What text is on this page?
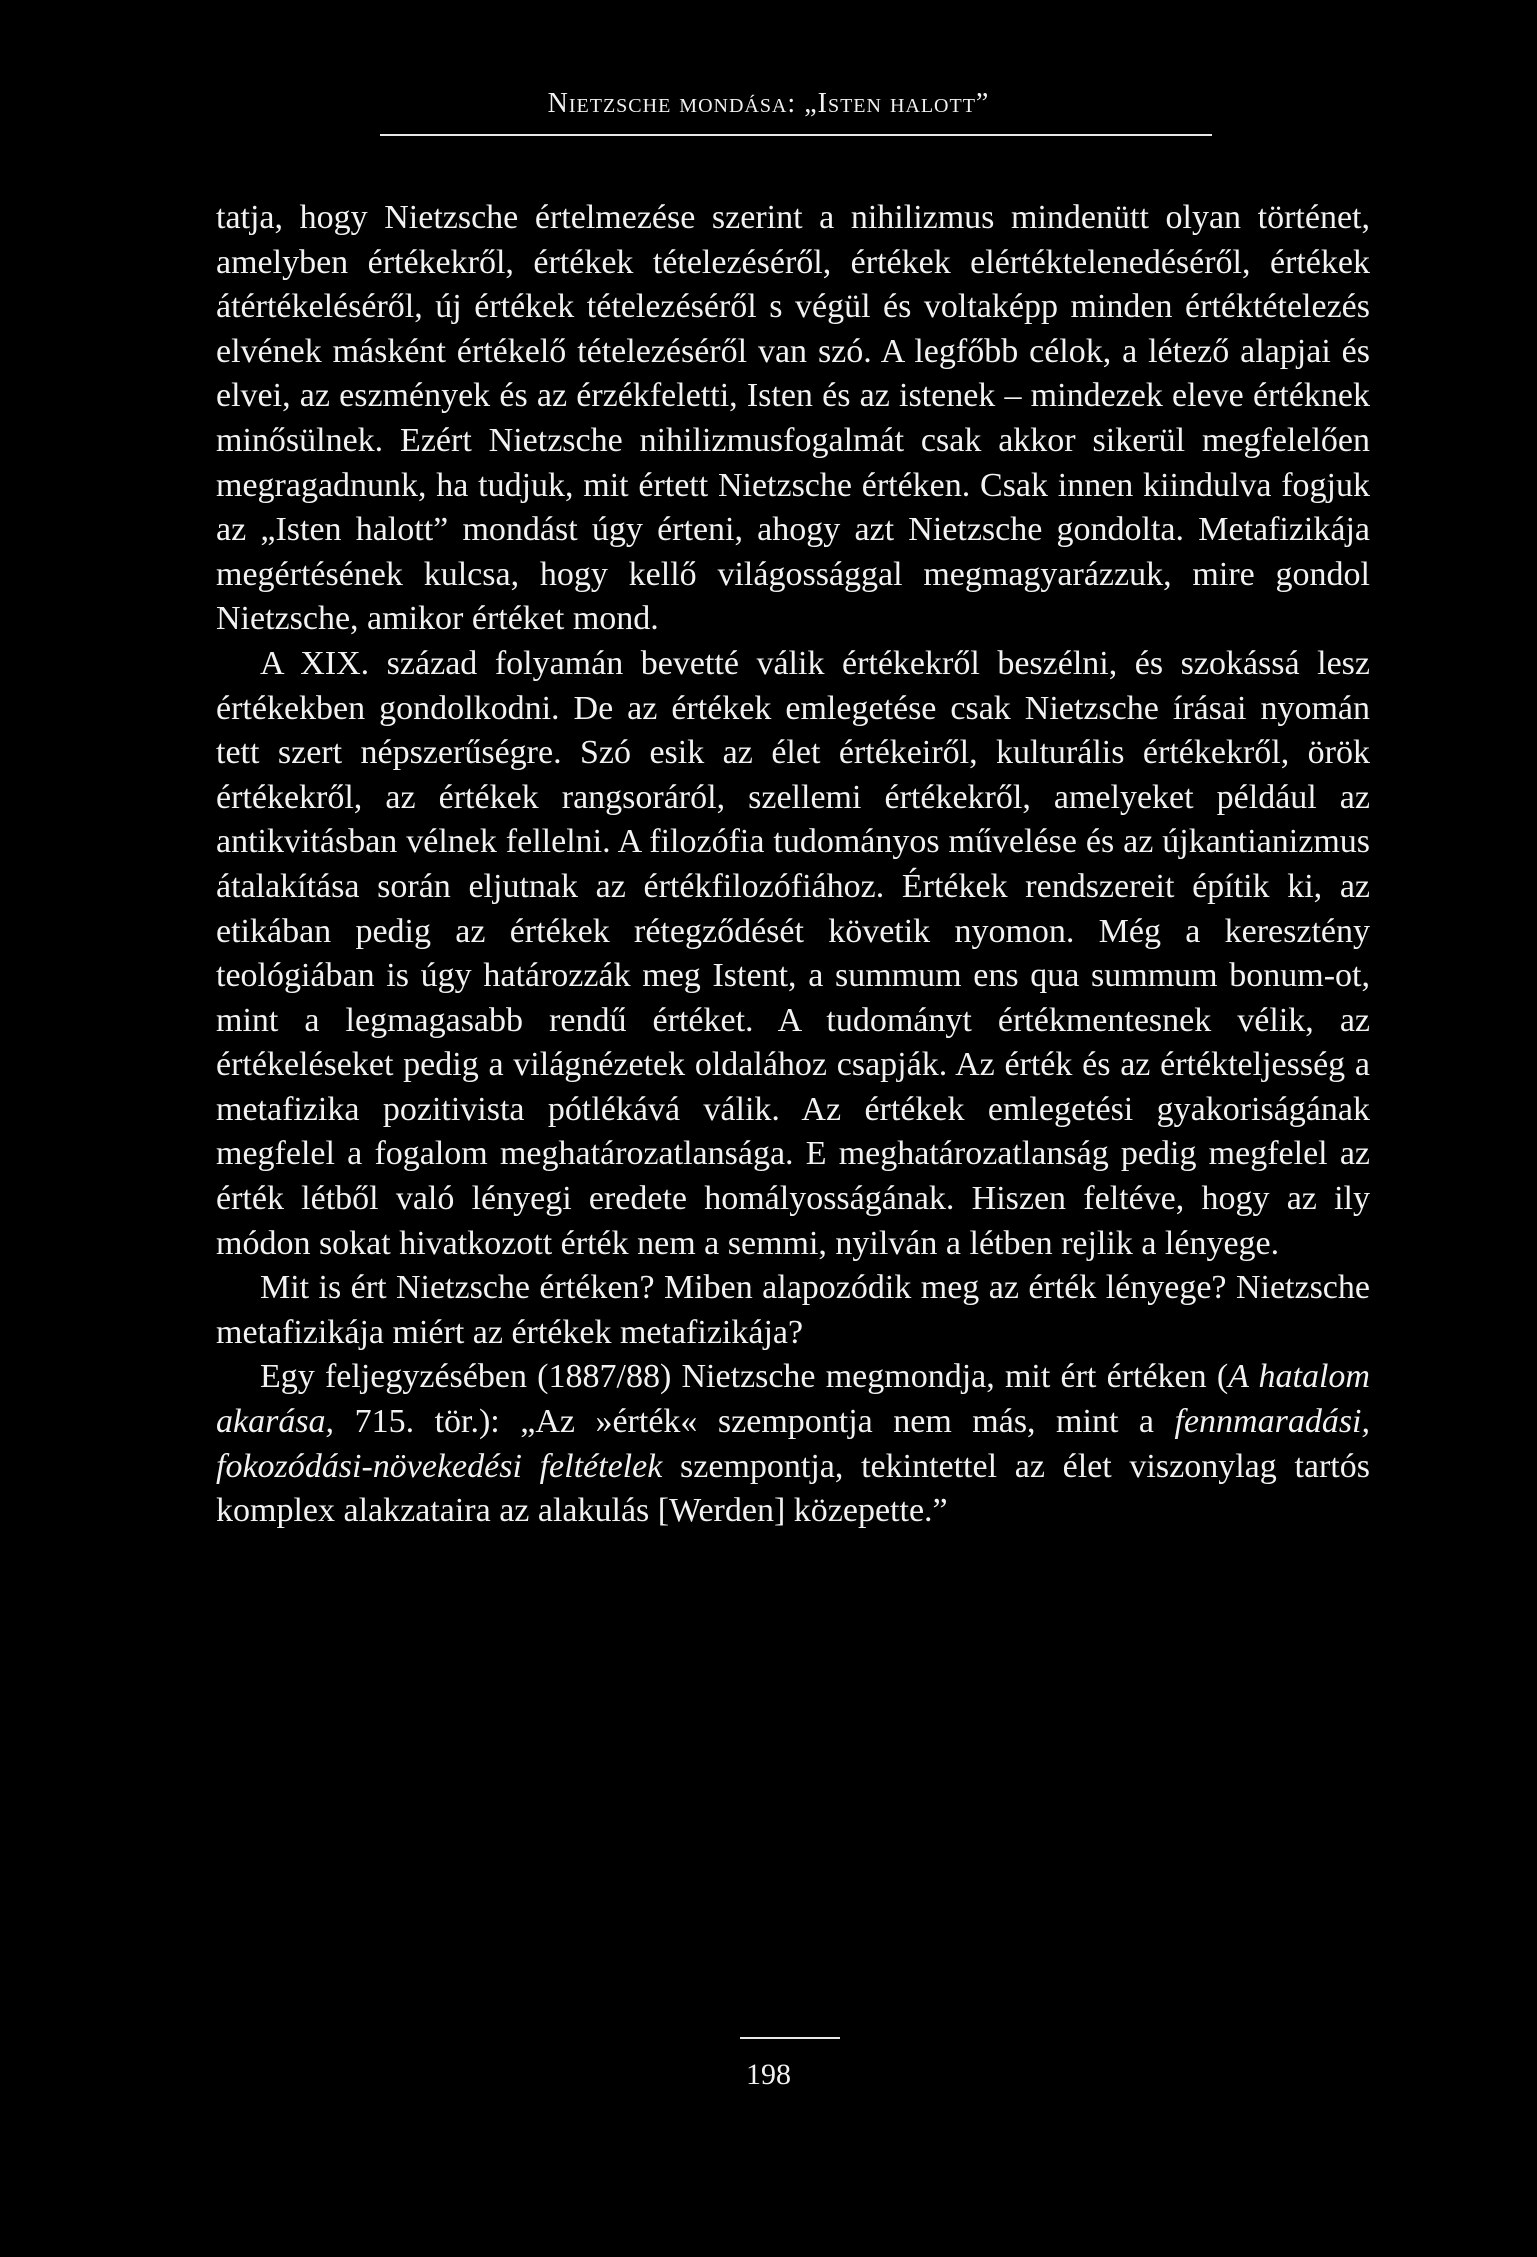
Nietzsche mondása: „Isten halott”

tatja, hogy Nietzsche értelmezése szerint a nihilizmus mindenütt olyan történet, amelyben értékekről, értékek tételezéséről, értékek elértéktelenedéséről, értékek átértékeléséről, új értékek tételezéséről s végül és voltaképp minden értéktételezés elvének másként értékelő tételezéséről van szó. A legfőbb célok, a létező alapjai és elvei, az eszmények és az érzékfeletti, Isten és az istenek – mindezek eleve értéknek minősülnek. Ezért Nietzsche nihilizmusfogalmát csak akkor sikerül megfelelően megragadnunk, ha tudjuk, mit értett Nietzsche értéken. Csak innen kiindulva fogjuk az „Isten halott” mondást úgy érteni, ahogy azt Nietzsche gondolta. Metafizikája megértésének kulcsa, hogy kellő világossággal megmagyarázzuk, mire gondol Nietzsche, amikor értéket mond.

A XIX. század folyamán bevetté válik értékekről beszélni, és szokássá lesz értékekben gondolkodni. De az értékek emlegetése csak Nietzsche írásai nyomán tett szert népszerűségre. Szó esik az élet értékeiről, kulturális értékekről, örök értékekről, az értékek rangsoráról, szellemi értékekről, amelyeket például az antikvitásban vélnek fellelni. A filozófia tudományos művelése és az újkantianizmus átalakítása során eljutnak az értékfilozófiához. Értékek rendszereit építik ki, az etikában pedig az értékek rétegződését követik nyomon. Még a keresztény teológiában is úgy határozzák meg Istent, a summum ens qua summum bonum-ot, mint a legmagasabb rendű értéket. A tudományt értékmentesnek vélik, az értékeléseket pedig a világnézetek oldalához csapják. Az érték és az értékteljesség a metafizika pozitivista pótlékává válik. Az értékek emlegetési gyakoriságának megfelel a fogalom meghatározatlansága. E meghatározatlanság pedig megfelel az érték létből való lényegi eredete homályosságának. Hiszen feltéve, hogy az ily módon sokat hivatkozott érték nem a semmi, nyilván a létben rejlik a lényege.

Mit is ért Nietzsche értéken? Miben alapozódik meg az érték lényege? Nietzsche metafizikája miért az értékek metafizikája?

Egy feljegyzésében (1887/88) Nietzsche megmondja, mit ért értéken (A hatalom akarása, 715. tör.): „Az »érték« szempontja nem más, mint a fennmaradási, fokozódási-növekedési feltételek szempontja, tekintettel az élet viszonylag tartós komplex alakzataira az alakulás [Werden] közepette.”

198
